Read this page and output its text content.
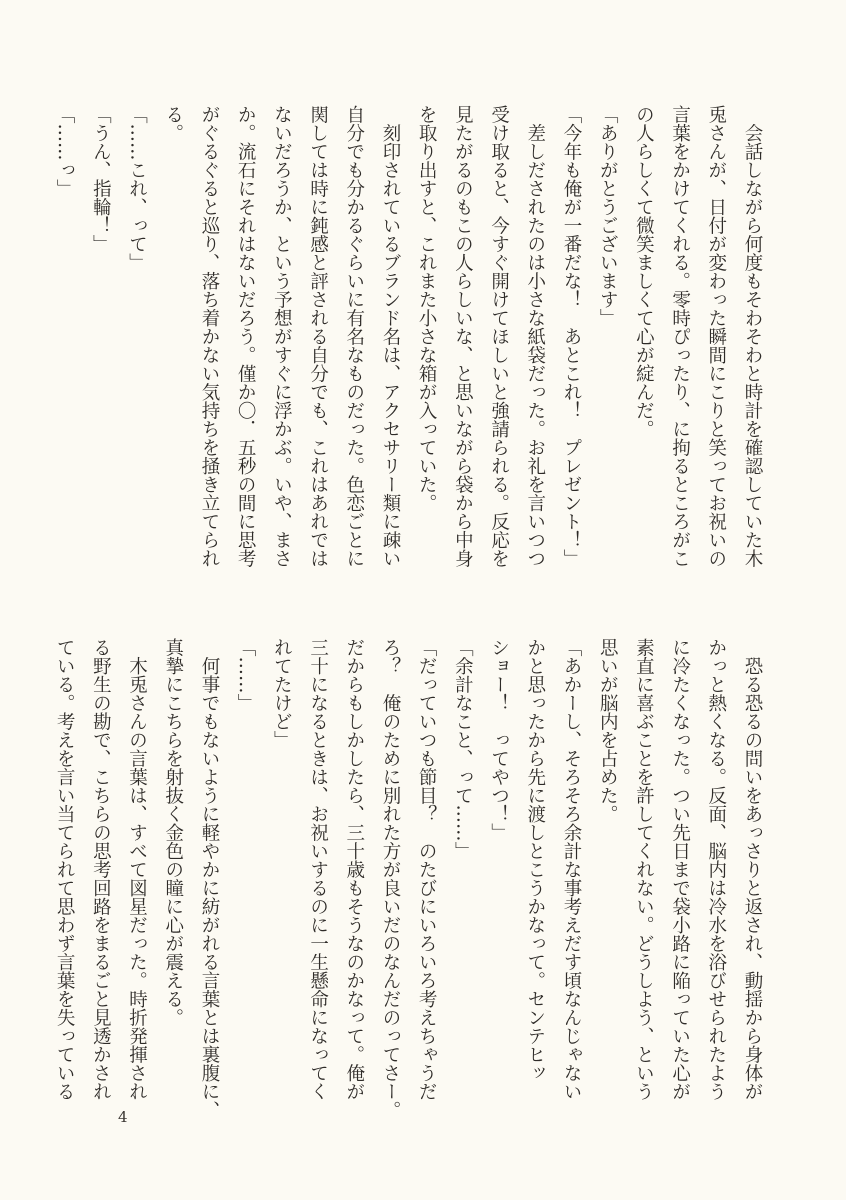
　会話しながら何度もそわそわと時計を確認していた木

兎さんが、日付が変わった瞬間にこりと笑ってお祝いの

言葉をかけてくれる。零時ぴったり、に拘るところがこ

の人らしくて微笑ましくて心が綻んだ。

「ありがとうございます」

「今年も俺が一番だな！　あとこれ！　プレゼント！」

　差しだされたのは小さな紙袋だった。お礼を言いつつ

受け取ると、今すぐ開けてほしいと強請られる。反応を

見たがるのもこの人らしいな、と思いながら袋から中身

を取り出すと、これまた小さな箱が入っていた。

　刻印されているブランド名は、アクセサリー類に疎い

自分でも分かるぐらいに有名なものだった。色恋ごとに

関しては時に鈍感と評される自分でも、これはあれでは

ないだろうか、という予想がすぐに浮かぶ。いや、まさ

か。流石にそれはないだろう。僅か〇．五秒の間に思考

がぐるぐると巡り、落ち着かない気持ちを掻き立てられ

る。

「……これ、って」

「うん、指輪！」

「……っ」

　恐る恐るの問いをあっさりと返され、動揺から身体が

かっと熱くなる。反面、脳内は冷水を浴びせられたよう

に冷たくなった。つい先日まで袋小路に陥っていた心が

素直に喜ぶことを許してくれない。どうしよう、という

思いが脳内を占めた。

「あかーし、そろそろ余計な事考えだす頃なんじゃない

かと思ったから先に渡しとこうかなって。センテヒッ

ショー！　ってやつ！」

「余計なこと、って……」

「だっていつも節目？　のたびにいろいろ考えちゃうだ

ろ？　俺のために別れた方が良いだのなんだのってさー。

だからもしかしたら、三十歳もそうなのかなって。俺が

三十になるときは、お祝いするのに一生懸命になってく

れてたけど」

「……」

　何事でもないように軽やかに紡がれる言葉とは裏腹に、

真摯にこちらを射抜く金色の瞳に心が震える。

　木兎さんの言葉は、すべて図星だった。時折発揮され

る野生の勘で、こちらの思考回路をまるごと見透かされ

ている。考えを言い当てられて思わず言葉を失っている

4
